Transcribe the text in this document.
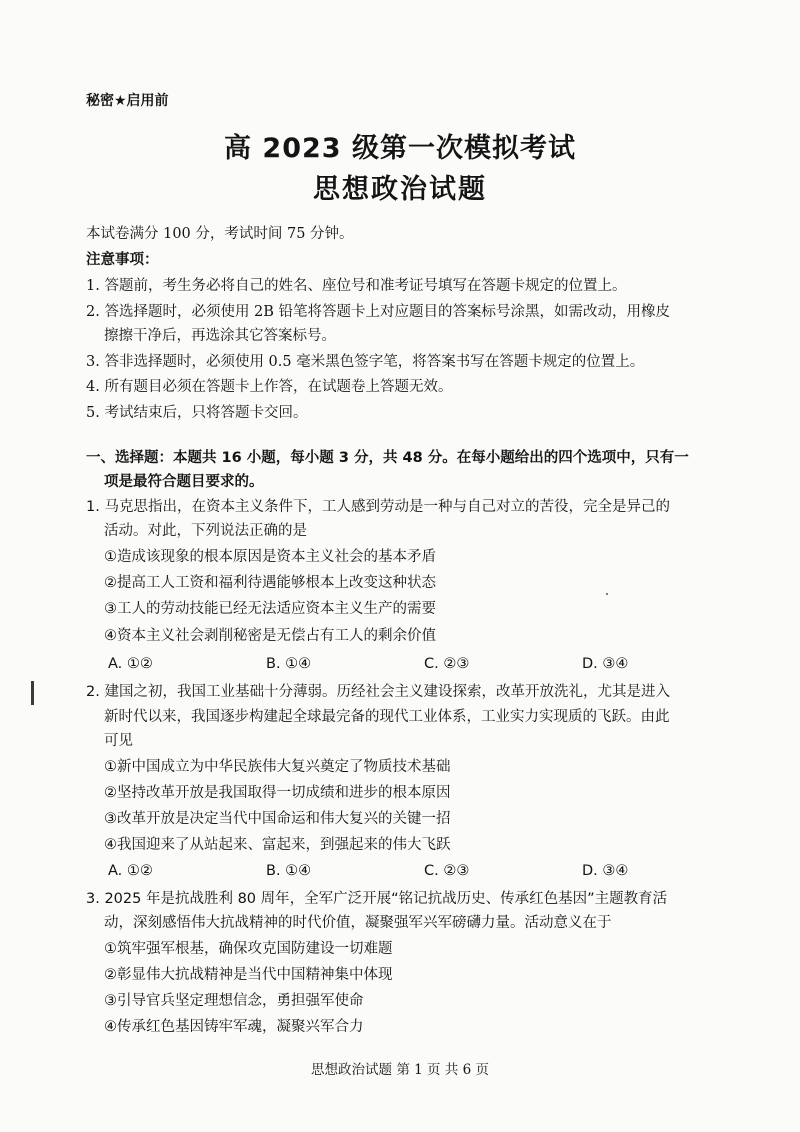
秘密★启用前
高 2023 级第一次模拟考试
思想政治试题
本试卷满分 100 分，考试时间 75 分钟。
注意事项：
1. 答题前，考生务必将自己的姓名、座位号和准考证号填写在答题卡规定的位置上。
2. 答选择题时，必须使用 2B 铅笔将答题卡上对应题目的答案标号涂黑，如需改动，用橡皮
擦擦干净后，再选涂其它答案标号。
3. 答非选择题时，必须使用 0.5 毫米黑色签字笔，将答案书写在答题卡规定的位置上。
4. 所有题目必须在答题卡上作答，在试题卷上答题无效。
5. 考试结束后，只将答题卡交回。
一、选择题：本题共 16 小题，每小题 3 分，共 48 分。在每小题给出的四个选项中，只有一
项是最符合题目要求的。
1. 马克思指出，在资本主义条件下，工人感到劳动是一种与自己对立的苦役，完全是异己的
活动。对此，下列说法正确的是
①造成该现象的根本原因是资本主义社会的基本矛盾
②提高工人工资和福利待遇能够根本上改变这种状态
③工人的劳动技能已经无法适应资本主义生产的需要
④资本主义社会剥削秘密是无偿占有工人的剩余价值
A. ①②	B. ①④	C. ②③	D. ③④
2. 建国之初，我国工业基础十分薄弱。历经社会主义建设探索，改革开放洗礼，尤其是进入
新时代以来，我国逐步构建起全球最完备的现代工业体系，工业实力实现质的飞跃。由此
可见
①新中国成立为中华民族伟大复兴奠定了物质技术基础
②坚持改革开放是我国取得一切成绩和进步的根本原因
③改革开放是决定当代中国命运和伟大复兴的关键一招
④我国迎来了从站起来、富起来，到强起来的伟大飞跃
A. ①②	B. ①④	C. ②③	D. ③④
3. 2025 年是抗战胜利 80 周年，全军广泛开展“铭记抗战历史、传承红色基因”主题教育活
动，深刻感悟伟大抗战精神的时代价值，凝聚强军兴军磅礴力量。活动意义在于
①筑牢强军根基，确保攻克国防建设一切难题
②彰显伟大抗战精神是当代中国精神集中体现
③引导官兵坚定理想信念，勇担强军使命
④传承红色基因铸牢军魂，凝聚兴军合力
思想政治试题 第 1 页 共 6 页
